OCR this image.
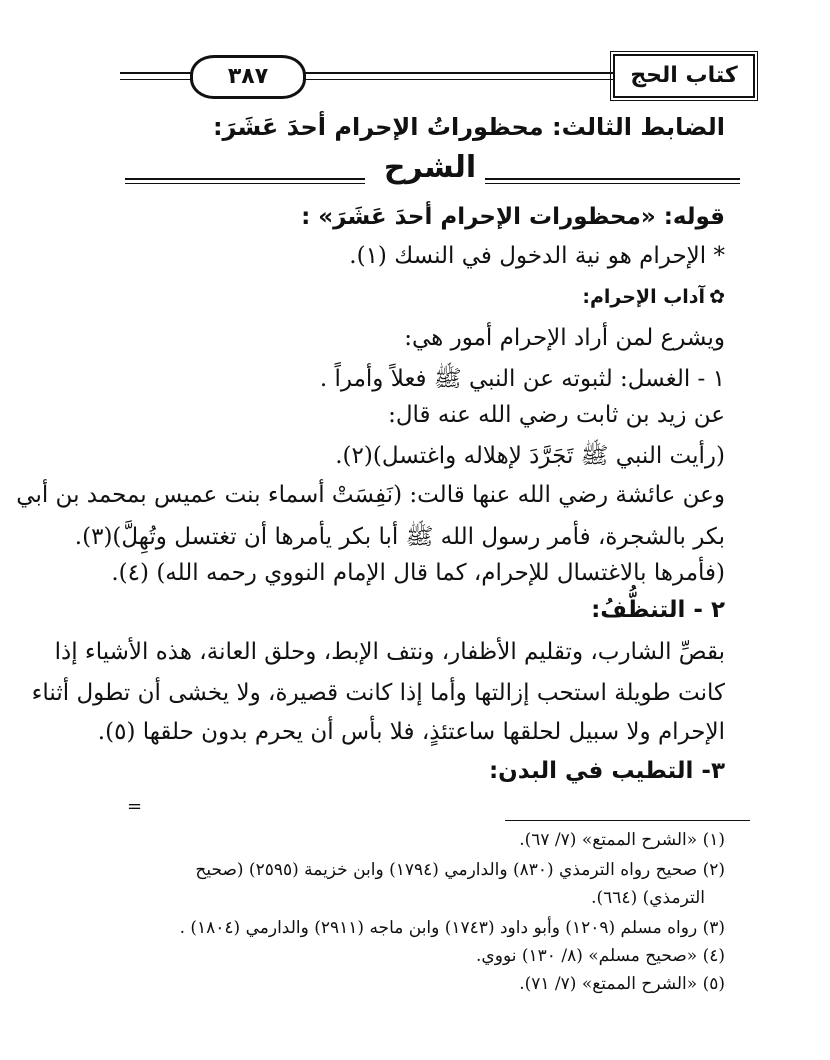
٣٨٧	كتاب الحج
الضابط الثالث: محظوراتُ الإحرام أحدَ عَشَرَ:
الشرح
قوله: «محظورات الإحرام أحدَ عَشَرَ» :
* الإحرام هو نية الدخول في النسك (١).
✿آداب الإحرام:
ويشرع لمن أراد الإحرام أمور هي:
١ - الغسل: لثبوته عن النبي ﷺ فعلاً وأمراً .
عن زيد بن ثابت رضي الله عنه قال:
(رأيت النبي ﷺ تَجَرَّدَ لإهلاله واغتسل)(٢).
وعن عائشة رضي الله عنها قالت: (نَفِسَتْ أسماء بنت عميس بمحمد بن أبي
بكر بالشجرة، فأمر رسول الله ﷺ أبا بكر يأمرها أن تغتسل وتُهِلَّ)(٣).
(فأمرها بالاغتسال للإحرام، كما قال الإمام النووي رحمه الله) (٤).
٢ - التنظُّفُ:
بقصِّ الشارب، وتقليم الأظفار، ونتف الإبط، وحلق العانة، هذه الأشياء إذا
كانت طويلة استحب إزالتها وأما إذا كانت قصيرة، ولا يخشى أن تطول أثناء
الإحرام ولا سبيل لحلقها ساعتئذٍ، فلا بأس أن يحرم بدون حلقها (٥).
٣- التطيب في البدن:
=
(١) «الشرح الممتع» (٧/ ٦٧).
(٢) صحيح رواه الترمذي (٨٣٠) والدارمي (١٧٩٤) وابن خزيمة (٢٥٩٥) (صحيح
الترمذي) (٦٦٤).
(٣) رواه مسلم (١٢٠٩) وأبو داود (١٧٤٣) وابن ماجه (٢٩١١) والدارمي (١٨٠٤) .
(٤) «صحيح مسلم» (٨/ ١٣٠) نووي.
(٥) «الشرح الممتع» (٧/ ٧١).
